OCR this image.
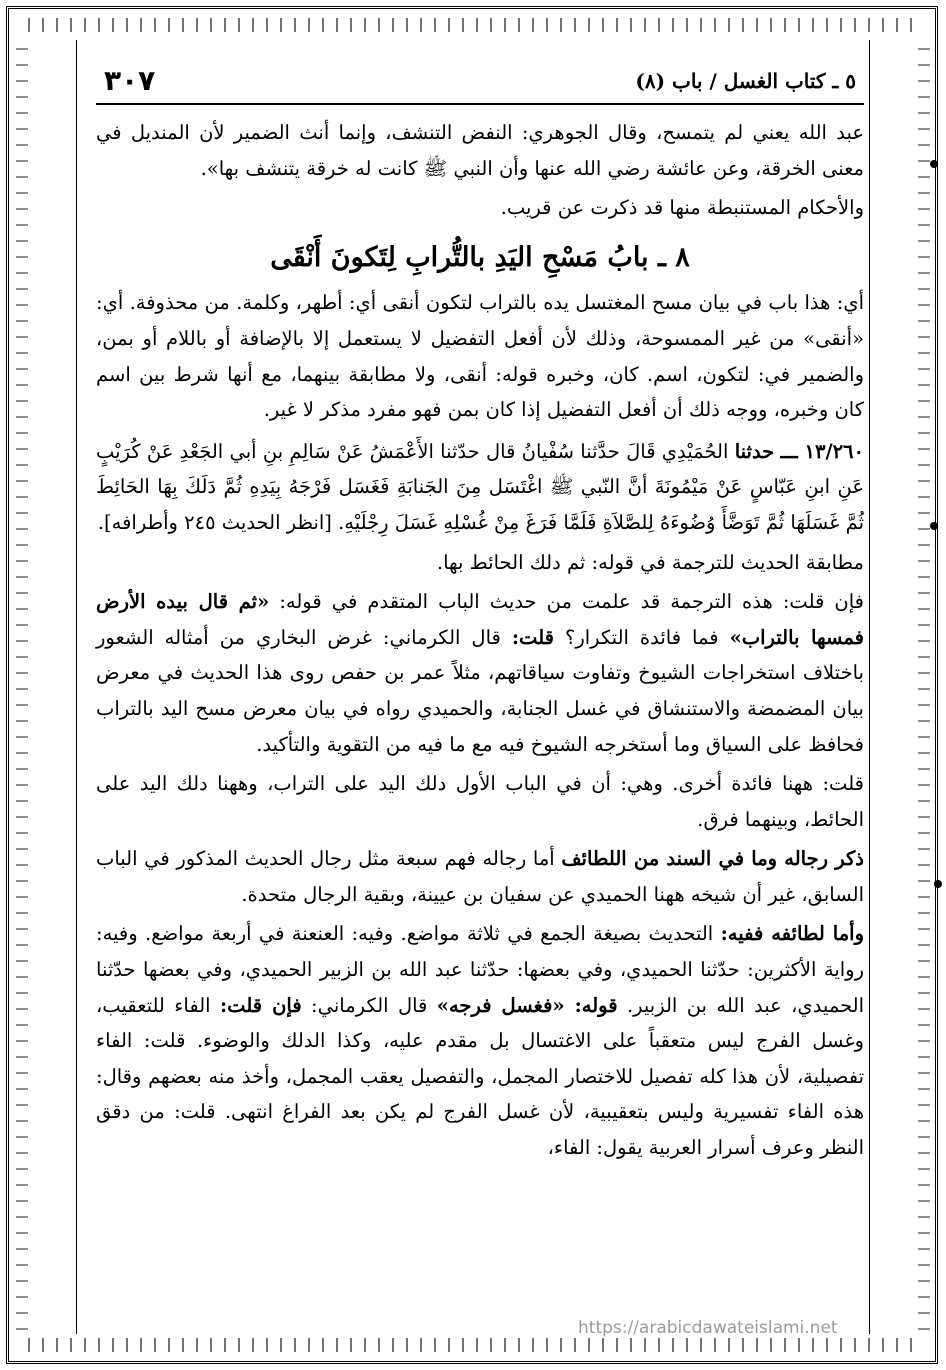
٥ ـ كتاب الغسل / باب (٨)
٣٠٧

عبد الله يعني لم يتمسح، وقال الجوهري: النفض التنشف، وإنما أنث الضمير لأن المنديل في معنى الخرقة، وعن عائشة رضي الله عنها وأن النبي ﷺ كانت له خرقة يتنشف بها».

والأحكام المستنبطة منها قد ذكرت عن قريب.

٨ ـ بابُ مَسْحِ اليَدِ بالتُّرابِ لِتَكونَ أَنْقَى

أي: هذا باب في بيان مسح المغتسل يده بالتراب لتكون أنقى أي: أطهر، وكلمة. من محذوفة. أي: «أنقى» من غير الممسوحة، وذلك لأن أفعل التفضيل لا يستعمل إلا بالإضافة أو باللام أو بمن، والضمير في: لتكون، اسم. كان، وخبره قوله: أنقى، ولا مطابقة بينهما، مع أنها شرط بين اسم كان وخبره، ووجه ذلك أن أفعل التفضيل إذا كان بمن فهو مفرد مذكر لا غير.

١٣/٢٦٠ ـــ حدثنا الحُمَيْدِي قَالَ حدَّثنا سُفْيانُ قال حدّثنا الأَعْمَشُ عَنْ سَالِمِ بنِ أبي الجَعْدِ عَنْ كُرَيْبٍ عَنِ ابنِ عَبّاسٍ عَنْ مَيْمُونَةَ أنَّ النّبي ﷺ اغْتَسَل مِنَ الجَنابَةِ فَغَسَل فَرْجَهُ بِيَدِهِ ثُمَّ دَلَكَ بِهَا الحَائِطَ ثُمَّ غَسَلَهَا ثُمَّ تَوَضَّأَ وُضُوءَهُ لِلصَّلاَةِ فَلَمَّا فَرَغَ مِنْ غُسْلِهِ غَسَلَ رِجْلَيْهِ. [انظر الحديث ٢٤٥ وأطرافه].

مطابقة الحديث للترجمة في قوله: ثم دلك الحائط بها.

فإن قلت: هذه الترجمة قد علمت من حديث الباب المتقدم في قوله: «ثم قال بيده الأرض فمسها بالتراب» فما فائدة التكرار؟ قلت: قال الكرماني: غرض البخاري من أمثاله الشعور باختلاف استخراجات الشيوخ وتفاوت سياقاتهم، مثلاً عمر بن حفص روى هذا الحديث في معرض بيان المضمضة والاستنشاق في غسل الجنابة، والحميدي رواه في بيان معرض مسح اليد بالتراب فحافظ على السياق وما أستخرجه الشيوخ فيه مع ما فيه من التقوية والتأكيد.

قلت: ههنا فائدة أخرى. وهي: أن في الباب الأول دلك اليد على التراب، وههنا دلك اليد على الحائط، وبينهما فرق.

ذكر رجاله وما في السند من اللطائف أما رجاله فهم سبعة مثل رجال الحديث المذكور في الباب السابق، غير أن شيخه ههنا الحميدي عن سفيان بن عيينة، وبقية الرجال متحدة.

وأما لطائفه ففيه: التحديث بصيغة الجمع في ثلاثة مواضع. وفيه: العنعنة في أربعة مواضع. وفيه: رواية الأكثرين: حدّثنا الحميدي، وفي بعضها: حدّثنا عبد الله بن الزبير الحميدي، وفي بعضها حدّثنا الحميدي، عبد الله بن الزبير. قوله: «فغسل فرجه» قال الكرماني: فإن قلت: الفاء للتعقيب، وغسل الفرج ليس متعقباً على الاغتسال بل مقدم عليه، وكذا الدلك والوضوء. قلت: الفاء تفصيلية، لأن هذا كله تفصيل للاختصار المجمل، والتفصيل يعقب المجمل، وأخذ منه بعضهم وقال: هذه الفاء تفسيرية وليس بتعقيبية، لأن غسل الفرج لم يكن بعد الفراغ انتهى. قلت: من دقق النظر وعرف أسرار العربية يقول: الفاء،

https://arabicdawateislami.net
